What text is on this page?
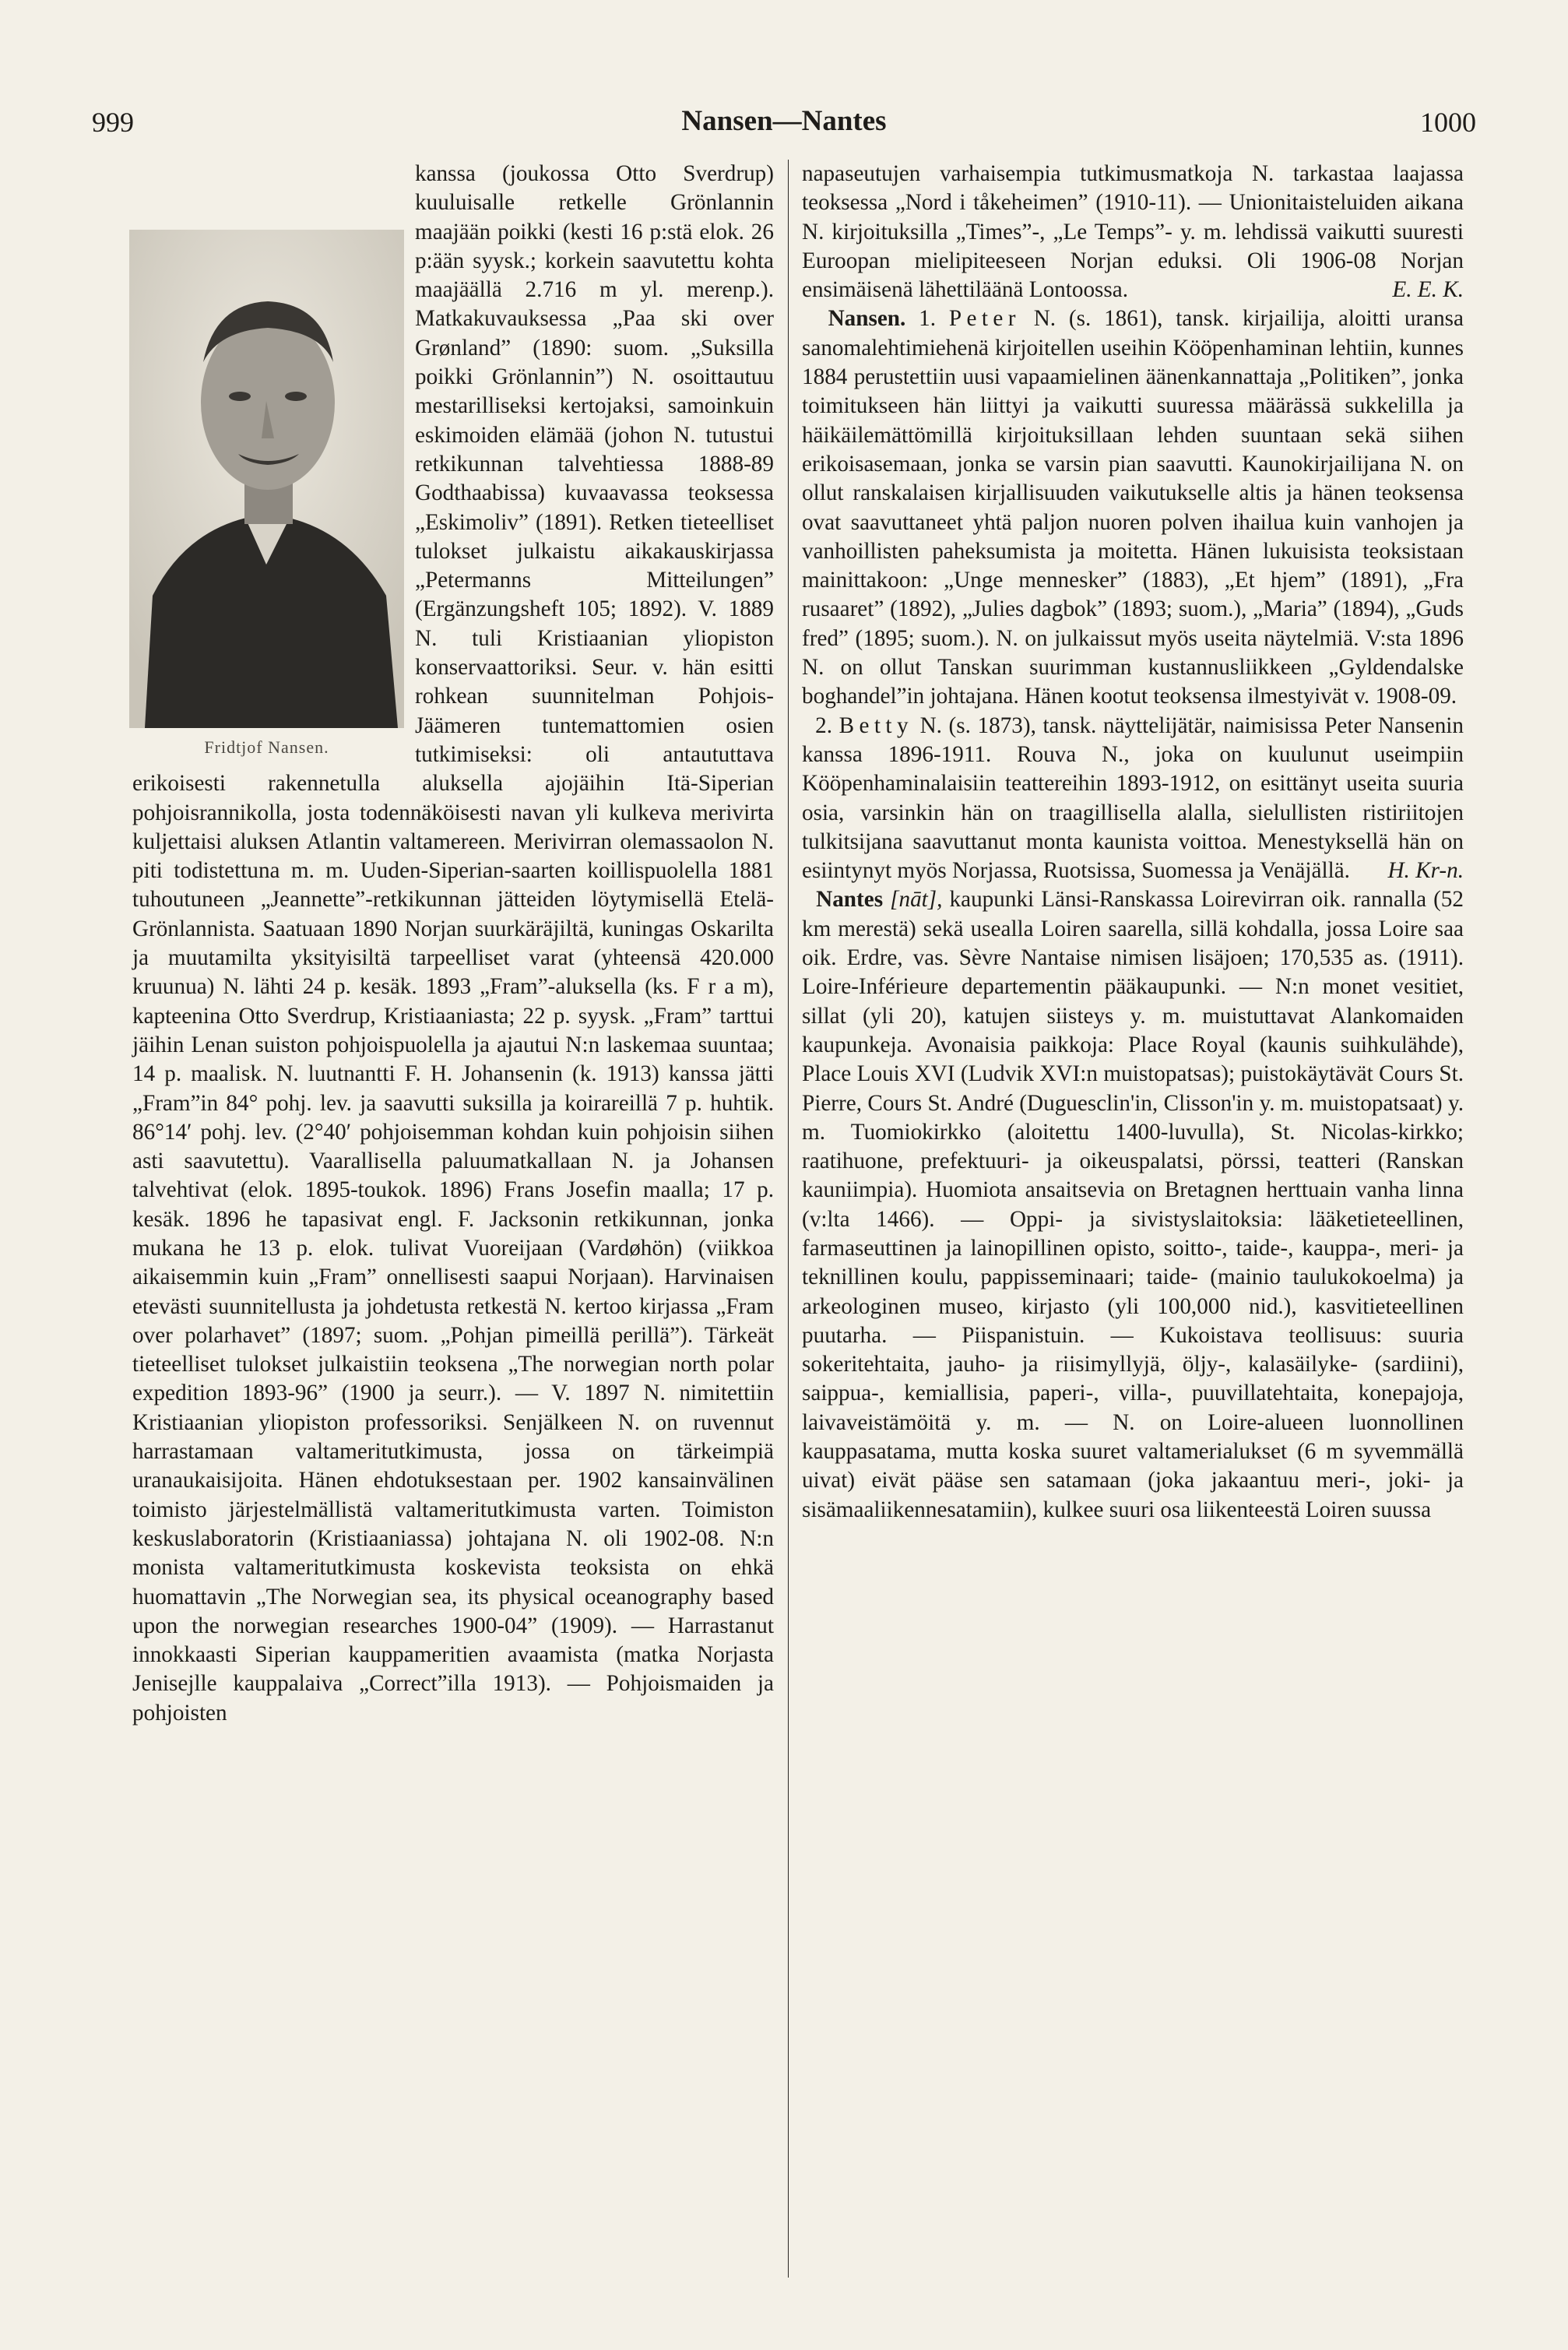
999	Nansen—Nantes	1000
Fridtjof Nansen.

kanssa (joukossa Otto Sverdrup) kuuluisalle retkelle Grönlannin maajään poikki (kesti 16 p:stä elok. 26 p:ään syysk.; korkein saavutettu kohta maajäällä 2.716 m yl. merenp.). Matkakuvauksessa „Paa ski over Grønland” (1890: suom. „Suksilla poikki Grönlannin”) N. osoittautuu mestarilliseksi kertojaksi, samoinkuin eskimoiden elämää (johon N. tutustui retkikunnan talvehtiessa 1888-89 Godthaabissa) kuvaavassa teoksessa „Eskimoliv” (1891). Retken tieteelliset tulokset julkaistu aikakauskirjassa „Petermanns Mitteilungen” (Ergänzungsheft 105; 1892). V. 1889 N. tuli Kristiaanian yliopiston konservaattoriksi. Seur. v. hän esitti rohkean suunnitelman Pohjois-Jäämeren tuntemattomien osien tutkimiseksi: oli antaututtava erikoisesti rakennetulla aluksella ajojäihin Itä-Siperian pohjoisrannikolla, josta todennäköisesti navan yli kulkeva merivirta kuljettaisi aluksen Atlantin valtamereen. Merivirran olemassaolon N. piti todistettuna m. m. Uuden-Siperian-saarten koillispuolella 1881 tuhoutuneen „Jeannette”-retkikunnan jätteiden löytymisellä Etelä-Grönlannista. Saatuaan 1890 Norjan suurkäräjiltä, kuningas Oskarilta ja muutamilta yksityisiltä tarpeelliset varat (yhteensä 420.000 kruunua) N. lähti 24 p. kesäk. 1893 „Fram”-aluksella (ks. F r a m), kapteenina Otto Sverdrup, Kristiaaniasta; 22 p. syysk. „Fram” tarttui jäihin Lenan suiston pohjoispuolella ja ajautui N:n laskemaa suuntaa; 14 p. maalisk. N. luutnantti F. H. Johansenin (k. 1913) kanssa jätti „Fram”in 84° pohj. lev. ja saavutti suksilla ja koirareillä 7 p. huhtik. 86°14′ pohj. lev. (2°40′ pohjoisemman kohdan kuin pohjoisin siihen asti saavutettu). Vaarallisella paluumatkallaan N. ja Johansen talvehtivat (elok. 1895-toukok. 1896) Frans Josefin maalla; 17 p. kesäk. 1896 he tapasivat engl. F. Jacksonin retkikunnan, jonka mukana he 13 p. elok. tulivat Vuoreijaan (Vardøhön) (viikkoa aikaisemmin kuin „Fram” onnellisesti saapui Norjaan). Harvinaisen etevästi suunnitellusta ja johdetusta retkestä N. kertoo kirjassa „Fram over polarhavet” (1897; suom. „Pohjan pimeillä perillä”). Tärkeät tieteelliset tulokset julkaistiin teoksena „The norwegian north polar expedition 1893-96” (1900 ja seurr.). — V. 1897 N. nimitettiin Kristiaanian yliopiston professoriksi. Senjälkeen N. on ruvennut harrastamaan valtameritutkimusta, jossa on tärkeimpiä uranaukaisijoita. Hänen ehdotuksestaan per. 1902 kansainvälinen toimisto järjestelmällistä valtameritutkimusta varten. Toimiston keskuslaboratorin (Kristiaaniassa) johtajana N. oli 1902-08. N:n monista valtameritutkimusta koskevista teoksista on ehkä huomattavin „The Norwegian sea, its physical oceanography based upon the norwegian researches 1900-04” (1909). — Harrastanut innokkaasti Siperian kauppameritien avaamista (matka Norjasta Jenisejlle kauppalaiva „Correct”illa 1913). — Pohjoismaiden ja pohjoisten

napaseutujen varhaisempia tutkimusmatkoja N. tarkastaa laajassa teoksessa „Nord i tåkeheimen” (1910-11). — Unionitaisteluiden aikana N. kirjoituksilla „Times”-, „Le Temps”- y. m. lehdissä vaikutti suuresti Euroopan mielipiteeseen Norjan eduksi. Oli 1906-08 Norjan ensimäisenä lähettiläänä Lontoossa.	E. E. K.

Nansen. 1. Peter N. (s. 1861), tansk. kirjailija, aloitti uransa sanomalehtimiehenä kirjoitellen useihin Kööpenhaminan lehtiin, kunnes 1884 perustettiin uusi vapaamielinen äänenkannattaja „Politiken”, jonka toimitukseen hän liittyi ja vaikutti suuressa määrässä sukkelilla ja häikäilemättömillä kirjoituksillaan lehden suuntaan sekä siihen erikoisasemaan, jonka se varsin pian saavutti. Kaunokirjailijana N. on ollut ranskalaisen kirjallisuuden vaikutukselle altis ja hänen teoksensa ovat saavuttaneet yhtä paljon nuoren polven ihailua kuin vanhojen ja vanhoillisten paheksumista ja moitetta. Hänen lukuisista teoksistaan mainittakoon: „Unge mennesker” (1883), „Et hjem” (1891), „Fra rusaaret” (1892), „Julies dagbok” (1893; suom.), „Maria” (1894), „Guds fred” (1895; suom.). N. on julkaissut myös useita näytelmiä. V:sta 1896 N. on ollut Tanskan suurimman kustannusliikkeen „Gyldendalske boghandel”in johtajana. Hänen kootut teoksensa ilmestyivät v. 1908-09.

2. Betty N. (s. 1873), tansk. näyttelijätär, naimisissa Peter Nansenin kanssa 1896-1911. Rouva N., joka on kuulunut useimpiin Kööpenhaminalaisiin teattereihin 1893-1912, on esittänyt useita suuria osia, varsinkin hän on traagillisella alalla, sielullisten ristiriitojen tulkitsijana saavuttanut monta kaunista voittoa. Menestyksellä hän on esiintynyt myös Norjassa, Ruotsissa, Suomessa ja Venäjällä. H. Kr-n.

Nantes [nāt], kaupunki Länsi-Ranskassa Loirevirran oik. rannalla (52 km merestä) sekä usealla Loiren saarella, sillä kohdalla, jossa Loire saa oik. Erdre, vas. Sèvre Nantaise nimisen lisäjoen; 170,535 as. (1911). Loire-Inférieure departementin pääkaupunki. — N:n monet vesitiet, sillat (yli 20), katujen siisteys y. m. muistuttavat Alankomaiden kaupunkeja. Avonaisia paikkoja: Place Royal (kaunis suihkulähde), Place Louis XVI (Ludvik XVI:n muistopatsas); puistokäytävät Cours St. Pierre, Cours St. André (Duguesclin'in, Clisson'in y. m. muistopatsaat) y. m. Tuomiokirkko (aloitettu 1400-luvulla), St. Nicolas-kirkko; raatihuone, prefektuuri- ja oikeuspalatsi, pörssi, teatteri (Ranskan kauniimpia). Huomiota ansaitsevia on Bretagnen herttuain vanha linna (v:lta 1466). — Oppi- ja sivistyslaitoksia: lääketieteellinen, farmaseuttinen ja lainopillinen opisto, soitto-, taide-, kauppa-, meri- ja teknillinen koulu, pappisseminaari; taide- (mainio taulukokoelma) ja arkeologinen museo, kirjasto (yli 100,000 nid.), kasvitieteellinen puutarha. — Piispanistuin. — Kukoistava teollisuus: suuria sokeritehtaita, jauho- ja riisimyllyjä, öljy-, kalasäilyke- (sardiini), saippua-, kemiallisia, paperi-, villa-, puuvillatehtaita, konepajoja, laivaveistämöitä y. m. — N. on Loire-alueen luonnollinen kauppasatama, mutta koska suuret valtamerialukset (6 m syvemmällä uivat) eivät pääse sen satamaan (joka jakaantuu meri-, joki- ja sisämaaliikennesatamiin), kulkee suuri osa liikenteestä Loiren suussa
